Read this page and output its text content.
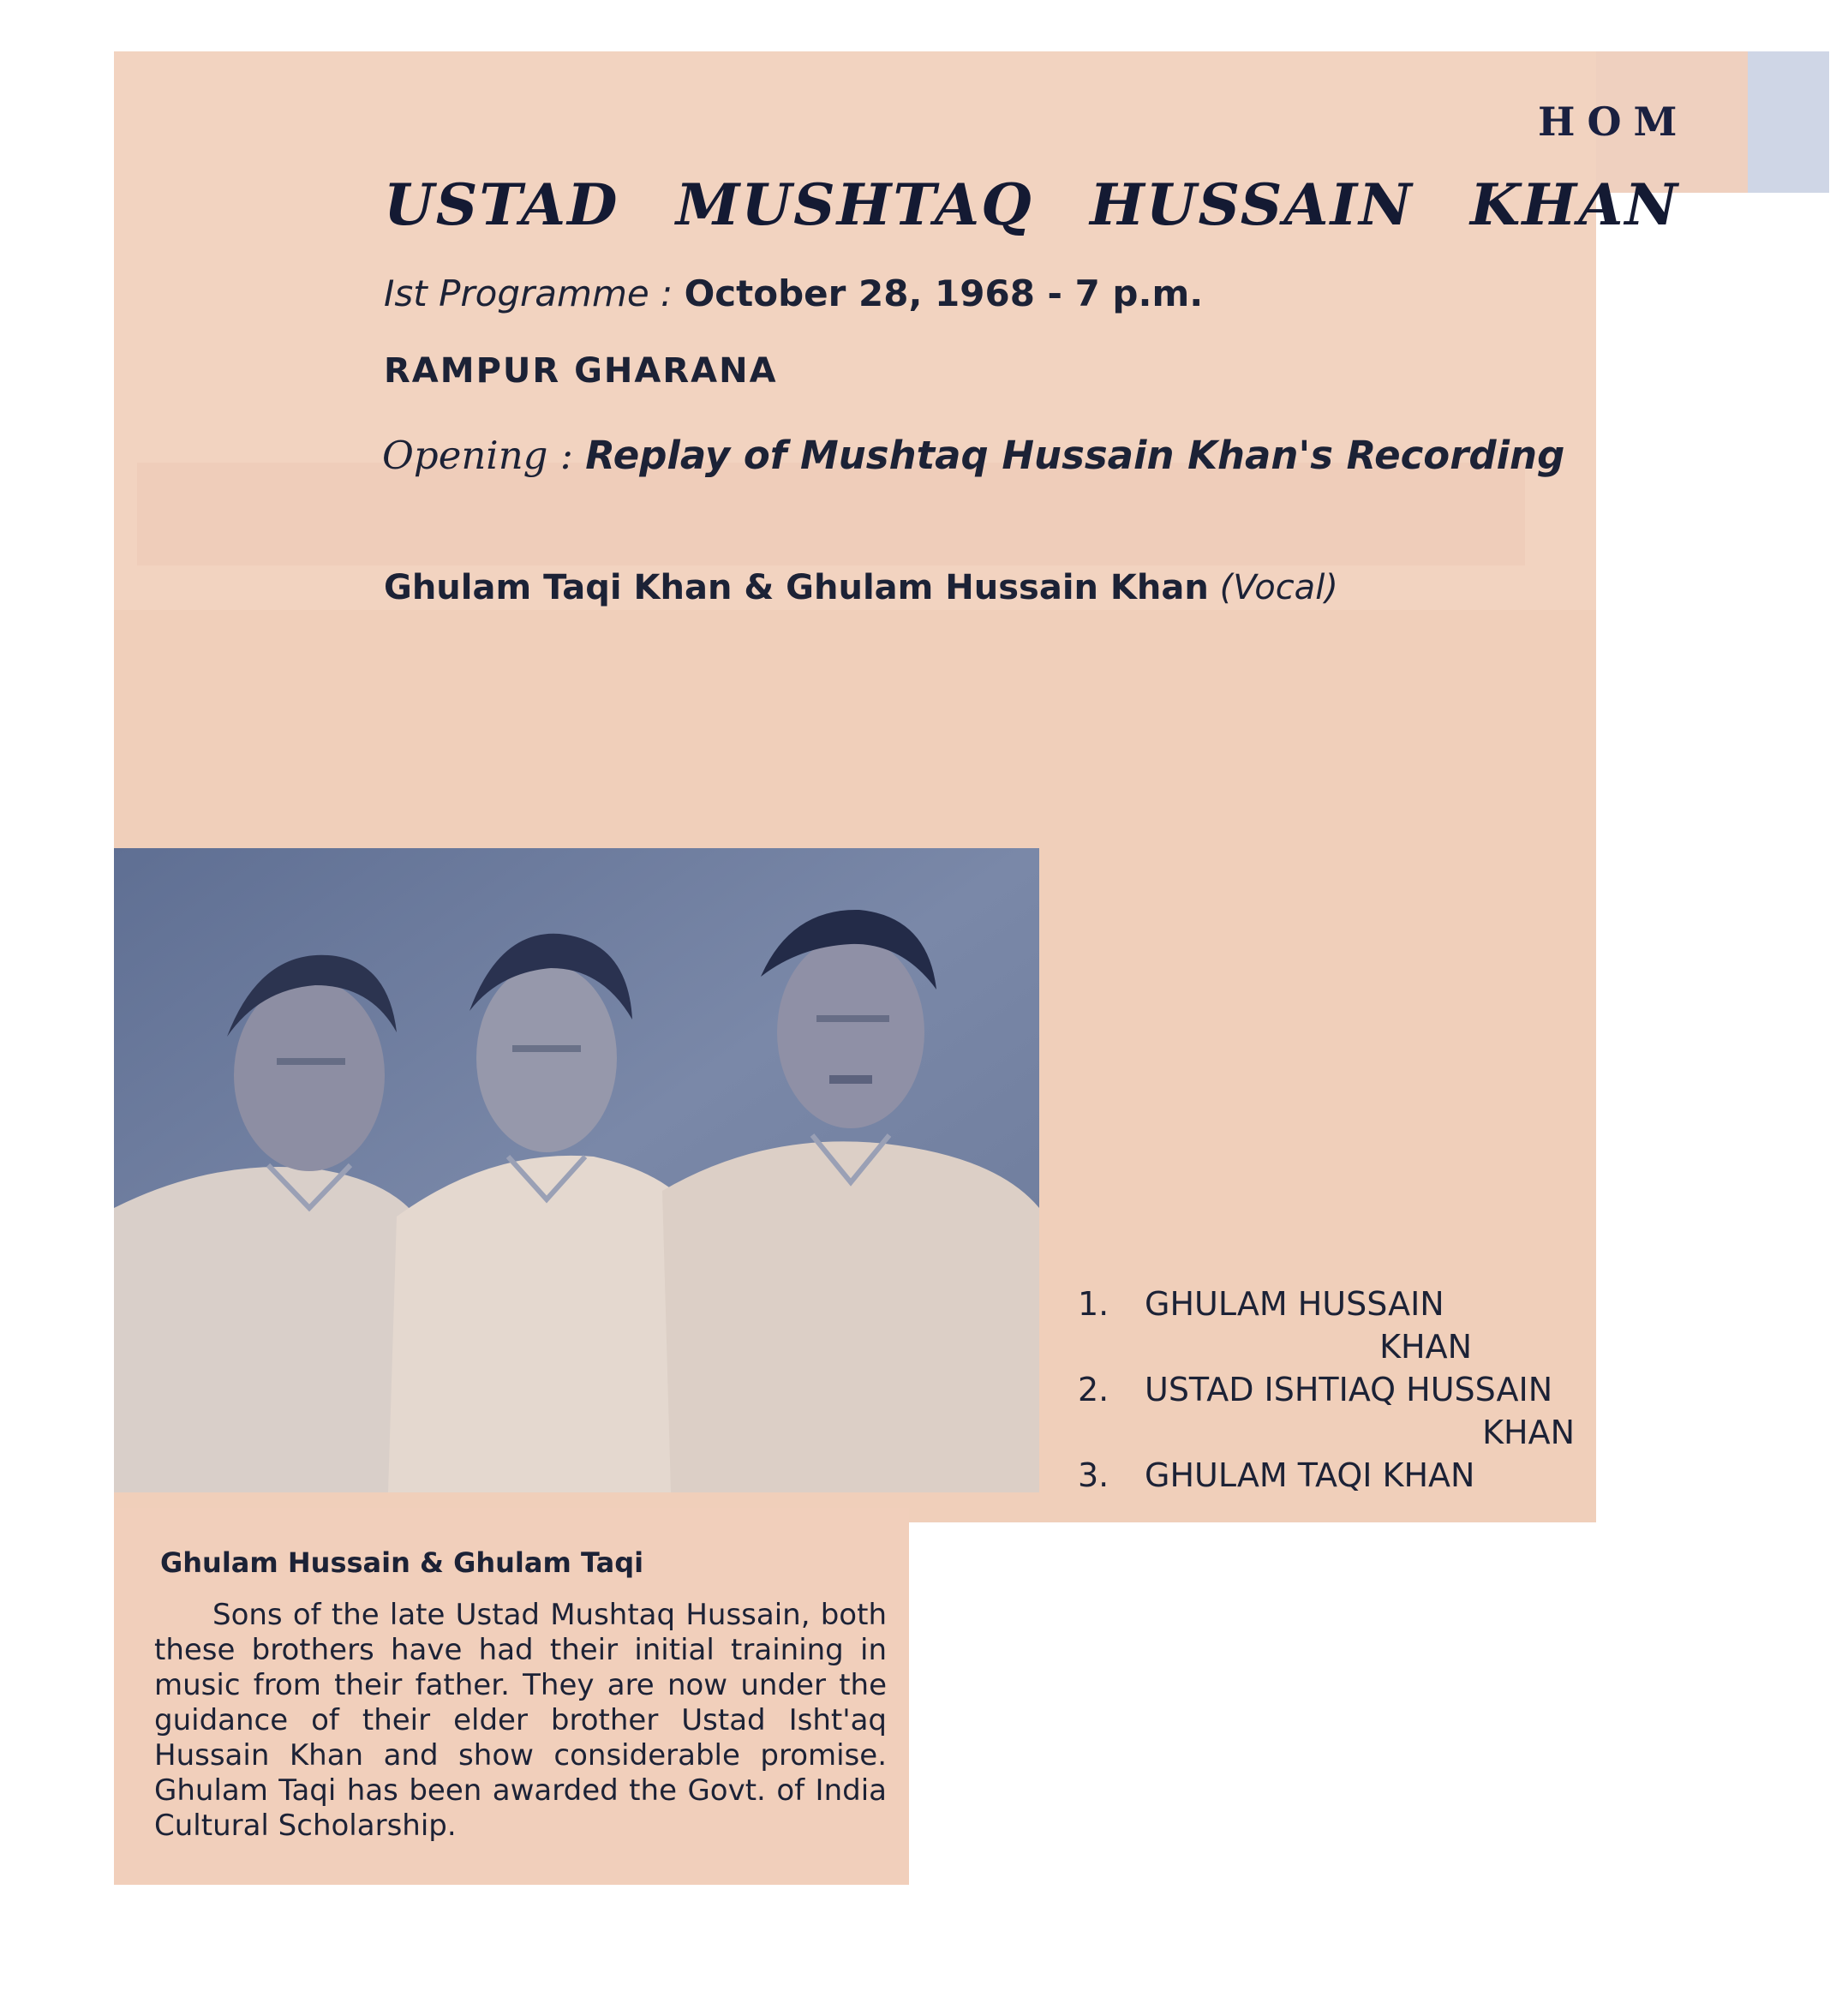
HOM
USTAD MUSHTAQ HUSSAIN KHAN
Ist Programme : October 28, 1968 - 7 p.m.
RAMPUR GHARANA
Opening : Replay of Mushtaq Hussain Khan's Recording
Ghulam Taqi Khan & Ghulam Hussain Khan (Vocal)
1. GHULAM HUSSAIN
KHAN
2. USTAD ISHTIAQ HUSSAIN
KHAN
3. GHULAM TAQI KHAN
Ghulam Hussain & Ghulam Taqi
Sons of the late Ustad Mushtaq Hussain, both these brothers have had their initial training in music from their father. They are now under the guidance of their elder brother Ustad Isht'aq Hussain Khan and show considerable promise. Ghulam Taqi has been awarded the Govt. of India Cultural Scholarship.
